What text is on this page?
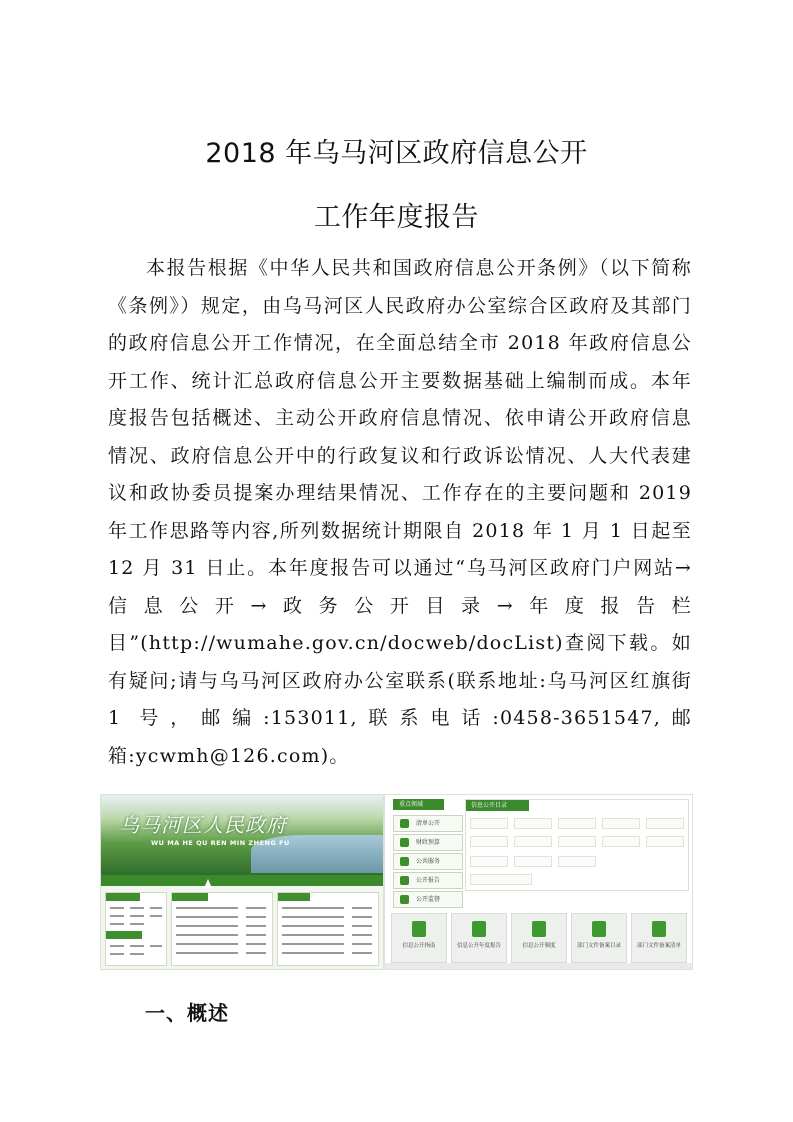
2018 年乌马河区政府信息公开
工作年度报告

本报告根据《中华人民共和国政府信息公开条例》（以下简称《条例》）规定，由乌马河区人民政府办公室综合区政府及其部门的政府信息公开工作情况，在全面总结全市 2018 年政府信息公开工作、统计汇总政府信息公开主要数据基础上编制而成。本年度报告包括概述、主动公开政府信息情况、依申请公开政府信息情况、政府信息公开中的行政复议和行政诉讼情况、人大代表建议和政协委员提案办理结果情况、工作存在的主要问题和 2019 年工作思路等内容,所列数据统计期限自 2018 年 1 月 1 日起至 12 月 31 日止。本年度报告可以通过“乌马河区政府门户网站→信息公开→政务公开目录→年度报告栏目”(http://wumahe.gov.cn/docweb/docList)查阅下载。如有疑问;请与乌马河区政府办公室联系(联系地址:乌马河区红旗街 1 号，邮编:153011,联系电话:0458-3651547,邮箱:ycwmh@126.com)。

乌马河区人民政府
WU MA HE QU REN MIN ZHENG FU
重点领域
清单公开
财政预算
公共服务
公开报告
公开监督
信息公开目录
信息公开指南	信息公开年度报告	信息公开制度	部门文件备案目录	部门文件备案清单
一、概述
